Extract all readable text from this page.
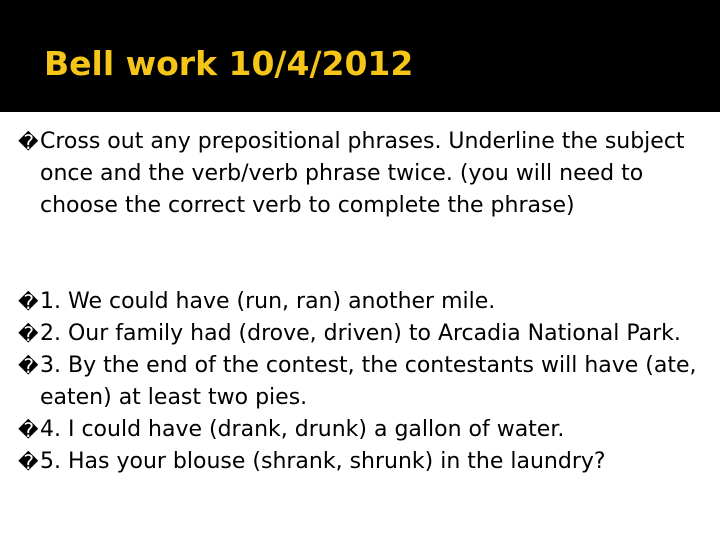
Bell work 10/4/2012
� Cross out any prepositional phrases. Underline the subject once and the verb/verb phrase twice. (you will need to choose the correct verb to complete the phrase)
� 1. We could have (run, ran) another mile.
� 2. Our family had (drove, driven) to Arcadia National Park.
� 3. By the end of the contest, the contestants will have (ate, eaten) at least two pies.
� 4. I could have (drank, drunk) a gallon of water.
� 5. Has your blouse (shrank, shrunk) in the laundry?
